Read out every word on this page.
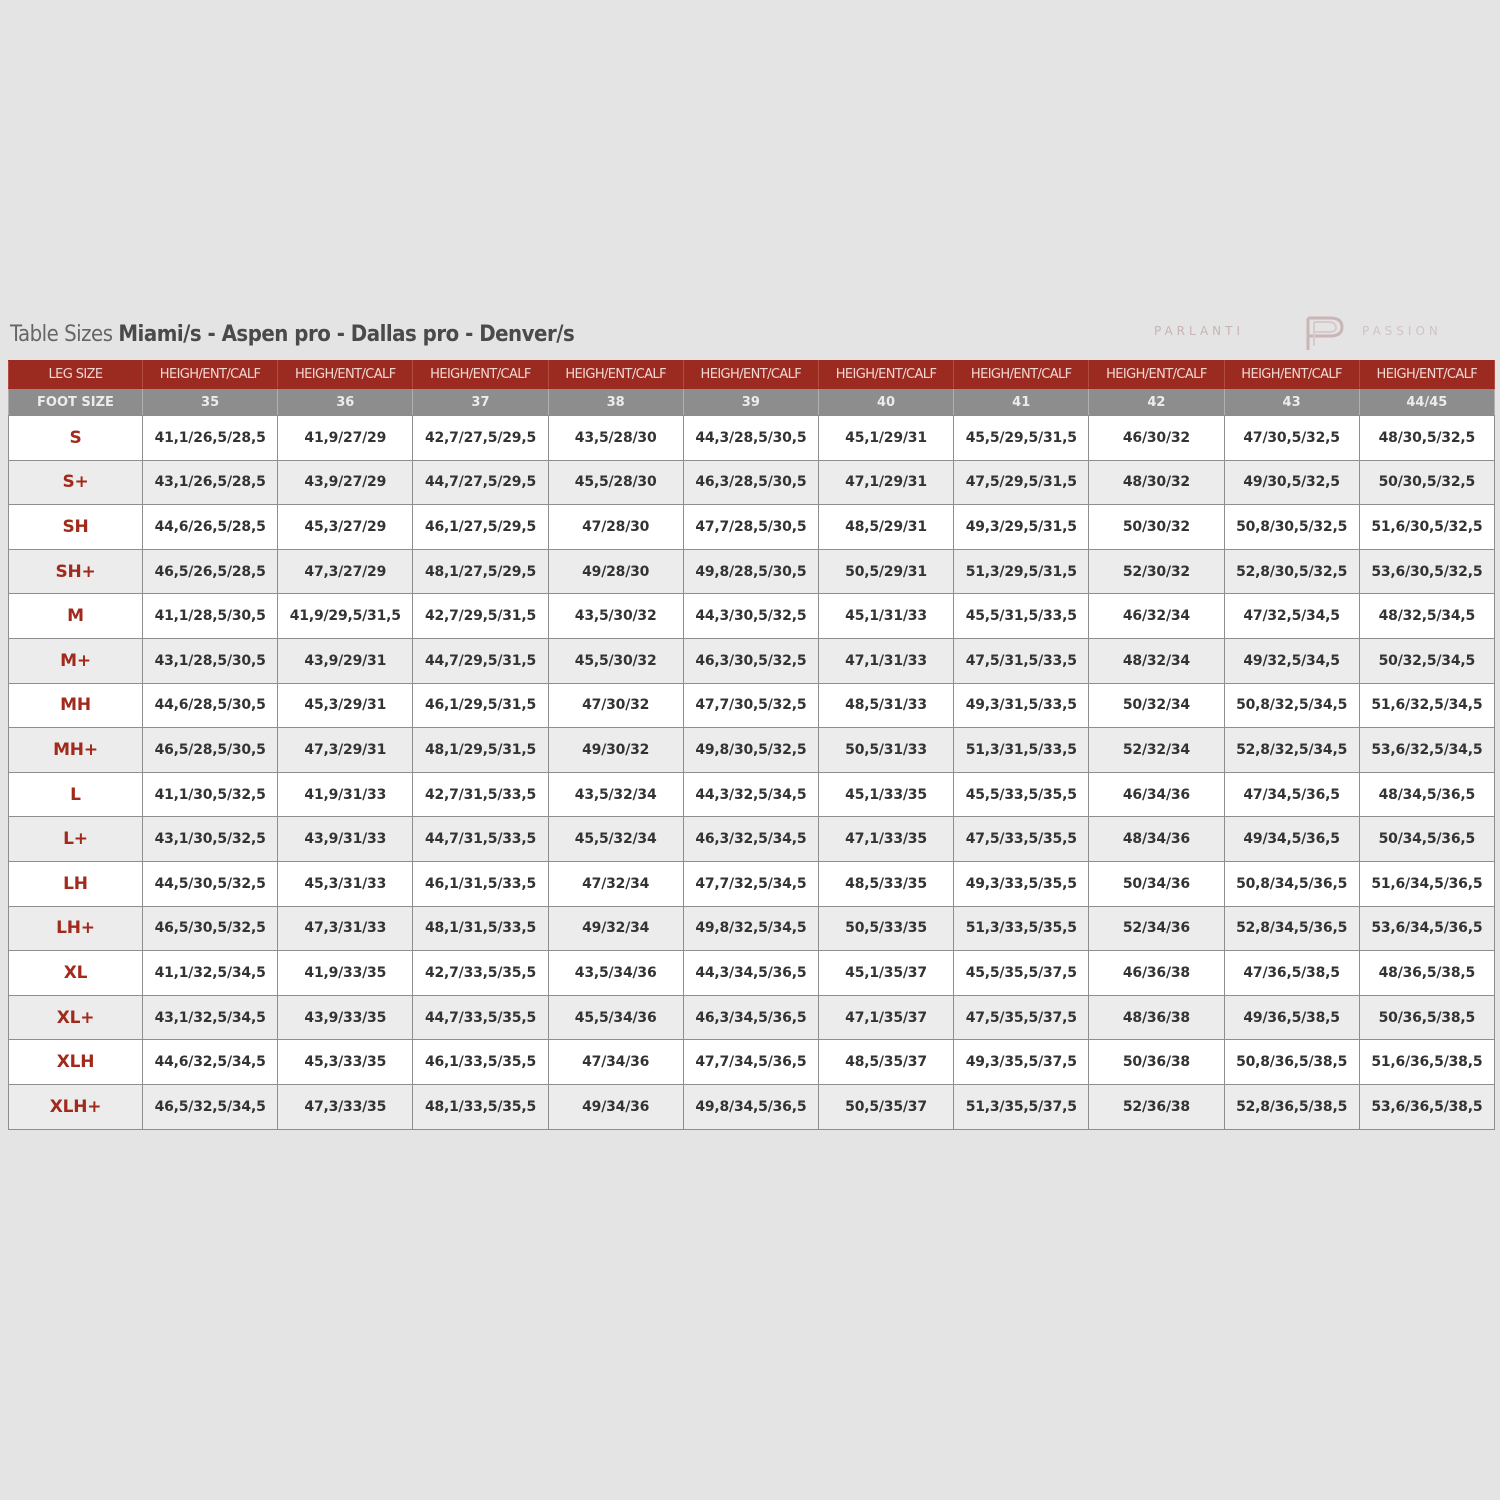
Table Sizes Miami/s - Aspen pro - Dallas pro - Denver/s	PARLANTI	PASSION
LEG SIZE	HEIGH/ENT/CALF	HEIGH/ENT/CALF	HEIGH/ENT/CALF	HEIGH/ENT/CALF	HEIGH/ENT/CALF	HEIGH/ENT/CALF	HEIGH/ENT/CALF	HEIGH/ENT/CALF	HEIGH/ENT/CALF	HEIGH/ENT/CALF
FOOT SIZE	35	36	37	38	39	40	41	42	43	44/45
S	41,1/26,5/28,5	41,9/27/29	42,7/27,5/29,5	43,5/28/30	44,3/28,5/30,5	45,1/29/31	45,5/29,5/31,5	46/30/32	47/30,5/32,5	48/30,5/32,5
S+	43,1/26,5/28,5	43,9/27/29	44,7/27,5/29,5	45,5/28/30	46,3/28,5/30,5	47,1/29/31	47,5/29,5/31,5	48/30/32	49/30,5/32,5	50/30,5/32,5
SH	44,6/26,5/28,5	45,3/27/29	46,1/27,5/29,5	47/28/30	47,7/28,5/30,5	48,5/29/31	49,3/29,5/31,5	50/30/32	50,8/30,5/32,5	51,6/30,5/32,5
SH+	46,5/26,5/28,5	47,3/27/29	48,1/27,5/29,5	49/28/30	49,8/28,5/30,5	50,5/29/31	51,3/29,5/31,5	52/30/32	52,8/30,5/32,5	53,6/30,5/32,5
M	41,1/28,5/30,5	41,9/29,5/31,5	42,7/29,5/31,5	43,5/30/32	44,3/30,5/32,5	45,1/31/33	45,5/31,5/33,5	46/32/34	47/32,5/34,5	48/32,5/34,5
M+	43,1/28,5/30,5	43,9/29/31	44,7/29,5/31,5	45,5/30/32	46,3/30,5/32,5	47,1/31/33	47,5/31,5/33,5	48/32/34	49/32,5/34,5	50/32,5/34,5
MH	44,6/28,5/30,5	45,3/29/31	46,1/29,5/31,5	47/30/32	47,7/30,5/32,5	48,5/31/33	49,3/31,5/33,5	50/32/34	50,8/32,5/34,5	51,6/32,5/34,5
MH+	46,5/28,5/30,5	47,3/29/31	48,1/29,5/31,5	49/30/32	49,8/30,5/32,5	50,5/31/33	51,3/31,5/33,5	52/32/34	52,8/32,5/34,5	53,6/32,5/34,5
L	41,1/30,5/32,5	41,9/31/33	42,7/31,5/33,5	43,5/32/34	44,3/32,5/34,5	45,1/33/35	45,5/33,5/35,5	46/34/36	47/34,5/36,5	48/34,5/36,5
L+	43,1/30,5/32,5	43,9/31/33	44,7/31,5/33,5	45,5/32/34	46,3/32,5/34,5	47,1/33/35	47,5/33,5/35,5	48/34/36	49/34,5/36,5	50/34,5/36,5
LH	44,5/30,5/32,5	45,3/31/33	46,1/31,5/33,5	47/32/34	47,7/32,5/34,5	48,5/33/35	49,3/33,5/35,5	50/34/36	50,8/34,5/36,5	51,6/34,5/36,5
LH+	46,5/30,5/32,5	47,3/31/33	48,1/31,5/33,5	49/32/34	49,8/32,5/34,5	50,5/33/35	51,3/33,5/35,5	52/34/36	52,8/34,5/36,5	53,6/34,5/36,5
XL	41,1/32,5/34,5	41,9/33/35	42,7/33,5/35,5	43,5/34/36	44,3/34,5/36,5	45,1/35/37	45,5/35,5/37,5	46/36/38	47/36,5/38,5	48/36,5/38,5
XL+	43,1/32,5/34,5	43,9/33/35	44,7/33,5/35,5	45,5/34/36	46,3/34,5/36,5	47,1/35/37	47,5/35,5/37,5	48/36/38	49/36,5/38,5	50/36,5/38,5
XLH	44,6/32,5/34,5	45,3/33/35	46,1/33,5/35,5	47/34/36	47,7/34,5/36,5	48,5/35/37	49,3/35,5/37,5	50/36/38	50,8/36,5/38,5	51,6/36,5/38,5
XLH+	46,5/32,5/34,5	47,3/33/35	48,1/33,5/35,5	49/34/36	49,8/34,5/36,5	50,5/35/37	51,3/35,5/37,5	52/36/38	52,8/36,5/38,5	53,6/36,5/38,5
